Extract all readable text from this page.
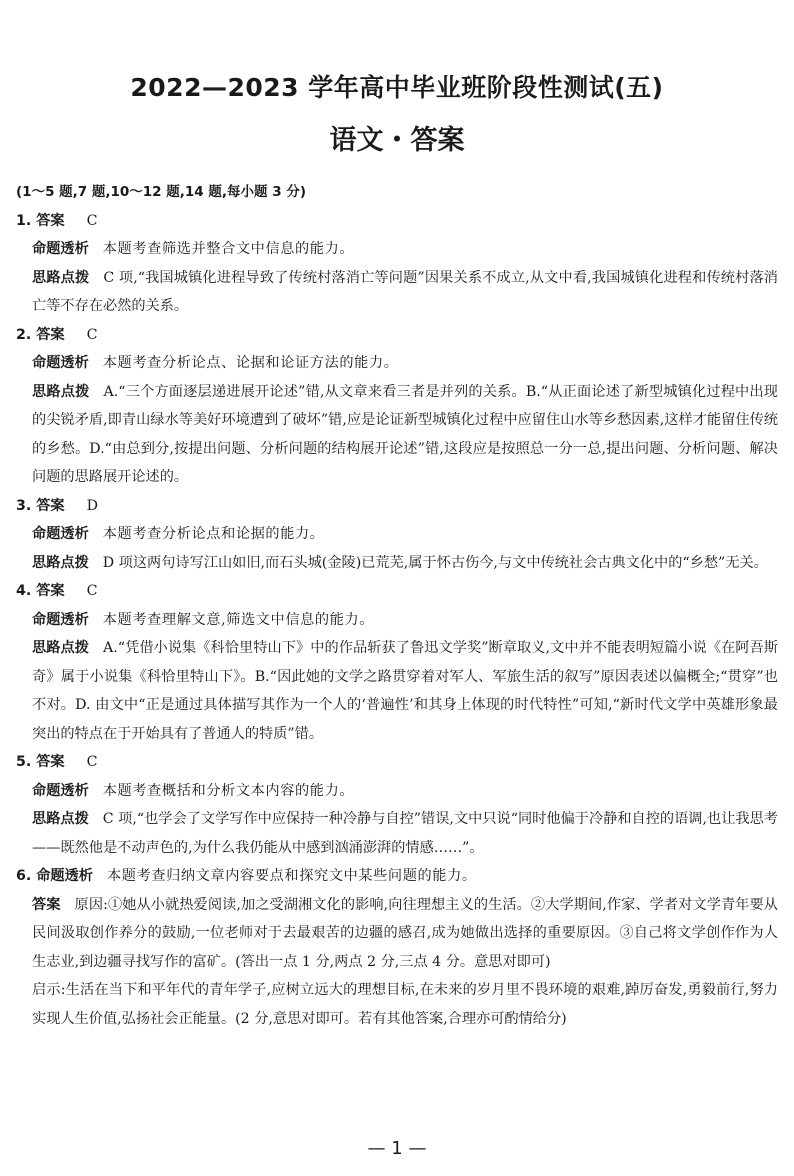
2022—2023 学年高中毕业班阶段性测试(五)
语文・答案
(1～5 题,7 题,10～12 题,14 题,每小题 3 分)
1. 答案 C
命题透析 本题考查筛选并整合文中信息的能力。
思路点拨 C 项,“我国城镇化进程导致了传统村落消亡等问题”因果关系不成立,从文中看,我国城镇化进程和传统村落消亡等不存在必然的关系。
2. 答案 C
命题透析 本题考查分析论点、论据和论证方法的能力。
思路点拨 A.“三个方面逐层递进展开论述”错,从文章来看三者是并列的关系。B.“从正面论述了新型城镇化过程中出现的尖锐矛盾,即青山绿水等美好环境遭到了破坏”错,应是论证新型城镇化过程中应留住山水等乡愁因素,这样才能留住传统的乡愁。D.“由总到分,按提出问题、分析问题的结构展开论述”错,这段应是按照总一分一总,提出问题、分析问题、解决问题的思路展开论述的。
3. 答案 D
命题透析 本题考查分析论点和论据的能力。
思路点拨 D 项这两句诗写江山如旧,而石头城(金陵)已荒芜,属于怀古伤今,与文中传统社会古典文化中的“乡愁”无关。
4. 答案 C
命题透析 本题考查理解文意,筛选文中信息的能力。
思路点拨 A.“凭借小说集《科恰里特山下》中的作品斩获了鲁迅文学奖”断章取义,文中并不能表明短篇小说《在阿吾斯奇》属于小说集《科恰里特山下》。B.“因此她的文学之路贯穿着对军人、军旅生活的叙写”原因表述以偏概全;“贯穿”也不对。D. 由文中“正是通过具体描写其作为一个人的‘普遍性’和其身上体现的时代特性”可知,“新时代文学中英雄形象最突出的特点在于开始具有了普通人的特质”错。
5. 答案 C
命题透析 本题考查概括和分析文本内容的能力。
思路点拨 C 项,“也学会了文学写作中应保持一种冷静与自控”错误,文中只说“同时他偏于冷静和自控的语调,也让我思考——既然他是不动声色的,为什么我仍能从中感到汹涌澎湃的情感……”。
6. 命题透析 本题考查归纳文章内容要点和探究文中某些问题的能力。
答案 原因:①她从小就热爱阅读,加之受湖湘文化的影响,向往理想主义的生活。②大学期间,作家、学者对文学青年要从民间汲取创作养分的鼓励,一位老师对于去最艰苦的边疆的感召,成为她做出选择的重要原因。③自己将文学创作作为人生志业,到边疆寻找写作的富矿。(答出一点 1 分,两点 2 分,三点 4 分。意思对即可)
启示:生活在当下和平年代的青年学子,应树立远大的理想目标,在未来的岁月里不畏环境的艰难,踔厉奋发,勇毅前行,努力实现人生价值,弘扬社会正能量。(2 分,意思对即可。若有其他答案,合理亦可酌情给分)
— 1 —
